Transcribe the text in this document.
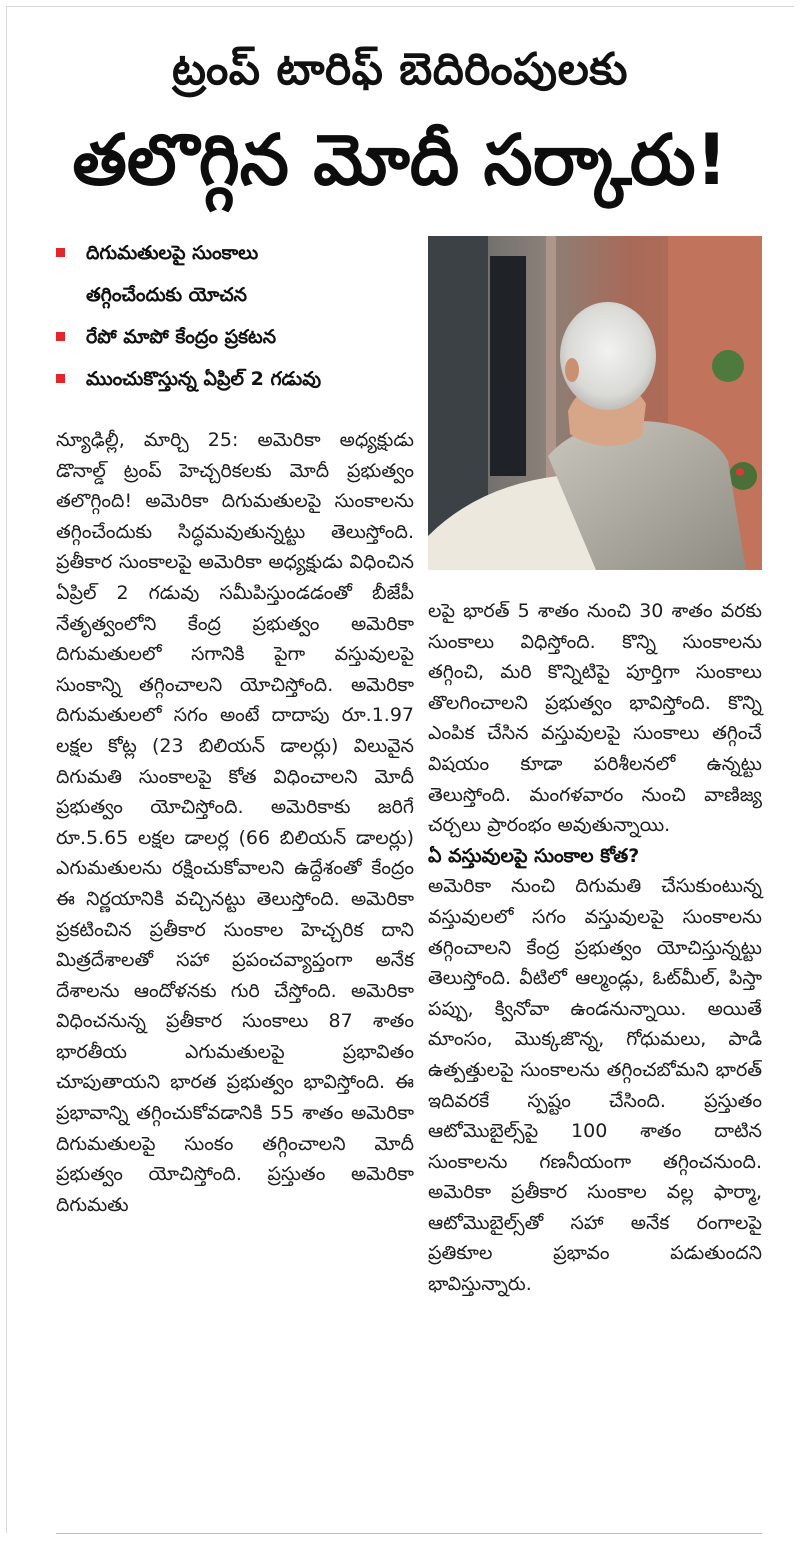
ట్రంప్ టారిఫ్ బెదిరింపులకు
తలొగ్గిన మోదీ సర్కారు!
దిగుమతులపై సుంకాలు
తగ్గించేందుకు యోచన
రేపో మాపో కేంద్రం ప్రకటన
ముంచుకొస్తున్న ఏప్రిల్ 2 గడువు

న్యూఢిల్లీ, మార్చి 25: అమెరికా అధ్యక్షుడు డొనాల్డ్ ట్రంప్ హెచ్చరికలకు మోదీ ప్రభుత్వం తలొగ్గింది! అమెరికా దిగుమతులపై సుంకాలను తగ్గించేందుకు సిద్ధమవుతున్నట్టు తెలుస్తోంది. ప్రతీకార సుంకాలపై అమెరికా అధ్యక్షుడు విధించిన ఏప్రిల్ 2 గడువు సమీపిస్తుండడంతో బీజేపీ నేతృత్వంలోని కేంద్ర ప్రభుత్వం అమెరికా దిగుమతులలో సగానికి పైగా వస్తువులపై సుంకాన్ని తగ్గించాలని యోచిస్తోంది. అమెరికా దిగుమతులలో సగం అంటే దాదాపు రూ.1.97 లక్షల కోట్ల (23 బిలియన్ డాలర్లు) విలువైన దిగుమతి సుంకాలపై కోత విధించాలని మోదీ ప్రభుత్వం యోచిస్తోంది. అమెరికాకు జరిగే రూ.5.65 లక్షల డాలర్ల (66 బిలియన్ డాలర్లు) ఎగుమతులను రక్షించుకోవాలని ఉద్దేశంతో కేంద్రం ఈ నిర్ణయానికి వచ్చినట్టు తెలుస్తోంది. అమెరికా ప్రకటించిన ప్రతీకార సుంకాల హెచ్చరిక దాని మిత్రదేశాలతో సహా ప్రపంచవ్యాప్తంగా అనేక దేశాలను ఆందోళనకు గురి చేస్తోంది. అమెరికా విధించనున్న ప్రతీకార సుంకాలు 87 శాతం భారతీయ ఎగుమతులపై ప్రభావితం చూపుతాయని భారత ప్రభుత్వం భావిస్తోంది. ఈ ప్రభావాన్ని తగ్గించుకోవడానికి 55 శాతం అమెరికా దిగుమతులపై సుంకం తగ్గించాలని మోదీ ప్రభుత్వం యోచిస్తోంది. ప్రస్తుతం అమెరికా దిగుమతు

లపై భారత్ 5 శాతం నుంచి 30 శాతం వరకు సుంకాలు విధిస్తోంది. కొన్ని సుంకాలను తగ్గించి, మరి కొన్నిటిపై పూర్తిగా సుంకాలు తొలగించాలని ప్రభుత్వం భావిస్తోంది. కొన్ని ఎంపిక చేసిన వస్తువులపై సుంకాలు తగ్గించే విషయం కూడా పరిశీలనలో ఉన్నట్టు తెలుస్తోంది. మంగళవారం నుంచి వాణిజ్య చర్చలు ప్రారంభం అవుతున్నాయి.

ఏ వస్తువులపై సుంకాల కోత?

అమెరికా నుంచి దిగుమతి చేసుకుంటున్న వస్తువులలో సగం వస్తువులపై సుంకాలను తగ్గించాలని కేంద్ర ప్రభుత్వం యోచిస్తున్నట్టు తెలుస్తోంది. వీటిలో ఆల్మండ్లు, ఓట్‌మీల్, పిస్తా పప్పు, క్వినోవా ఉండనున్నాయి. అయితే మాంసం, మొక్కజొన్న, గోధుమలు, పాడి ఉత్పత్తులపై సుంకాలను తగ్గించబోమని భారత్ ఇదివరకే స్పష్టం చేసింది. ప్రస్తుతం ఆటోమొబైల్స్‌పై 100 శాతం దాటిన సుంకాలను గణనీయంగా తగ్గించనుంది. అమెరికా ప్రతీకార సుంకాల వల్ల ఫార్మా, ఆటోమొబైల్స్‌తో సహా అనేక రంగాలపై ప్రతికూల ప్రభావం పడుతుందని భావిస్తున్నారు.
